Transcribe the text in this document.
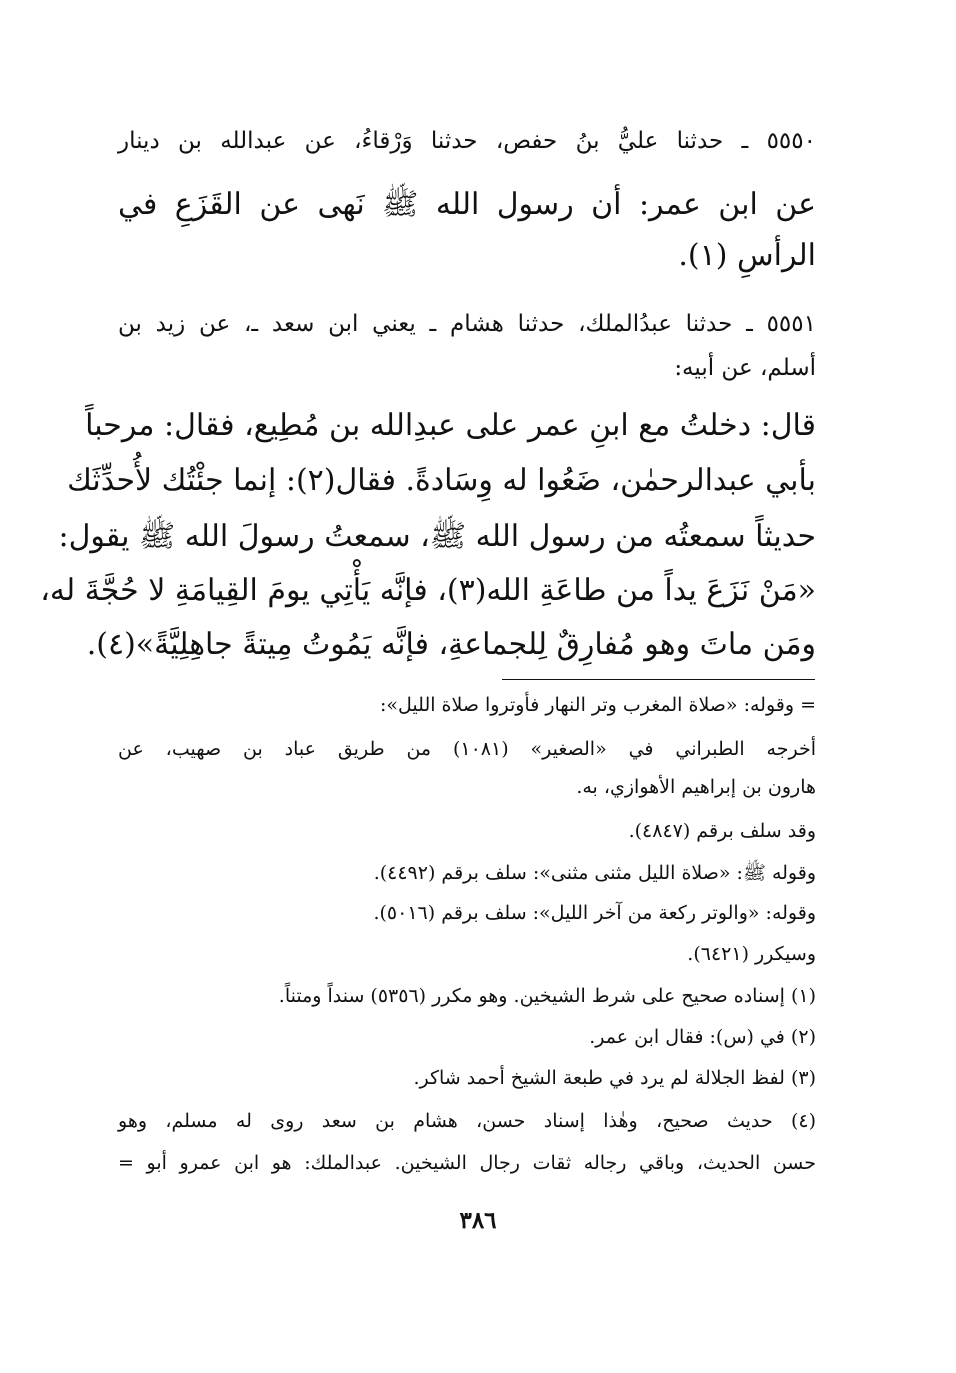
٥٥٥٠ ـ حدثنا عليُّ بنُ حفص، حدثنا وَرْقاءُ، عن عبدالله بن دينار
عن ابن عمر: أن رسول الله ﷺ نَهى عن القَزَعِ في
الرأسِ (١).
٥٥٥١ ـ حدثنا عبدُالملك، حدثنا هشام ـ يعني ابن سعد ـ، عن زيد بن
أسلم، عن أبيه:
قال: دخلتُ مع ابنِ عمر على عبدِالله بن مُطِيع، فقال: مرحباً
بأبي عبدالرحمٰن، ضَعُوا له وِسَادةً. فقال(٢): إنما جئْتُك لأُحدِّثَك
حديثاً سمعتُه من رسول الله ﷺ، سمعتُ رسولَ الله ﷺ يقول:
«مَنْ نَزَعَ يداً من طاعَةِ الله(٣)، فإنَّه يَأْتِي يومَ القِيامَةِ لا حُجَّةَ له،
ومَن ماتَ وهو مُفارِقٌ لِلجماعةِ، فإنَّه يَمُوتُ مِيتةً جاهِلِيَّةً»(٤).
= وقوله: «صلاة المغرب وتر النهار فأوتروا صلاة الليل»:
أخرجه الطبراني في «الصغير» (١٠٨١) من طريق عباد بن صهيب، عن
هارون بن إبراهيم الأهوازي، به.
وقد سلف برقم (٤٨٤٧).
وقوله ﷺ: «صلاة الليل مثنى مثنى»: سلف برقم (٤٤٩٢).
وقوله: «والوتر ركعة من آخر الليل»: سلف برقم (٥٠١٦).
وسيكرر (٦٤٢١).
(١) إسناده صحيح على شرط الشيخين. وهو مكرر (٥٣٥٦) سنداً ومتناً.
(٢) في (س): فقال ابن عمر.
(٣) لفظ الجلالة لم يرد في طبعة الشيخ أحمد شاكر.
(٤) حديث صحيح، وهٰذا إسناد حسن، هشام بن سعد روى له مسلم، وهو
حسن الحديث، وباقي رجاله ثقات رجال الشيخين. عبدالملك: هو ابن عمرو أبو =
٣٨٦
